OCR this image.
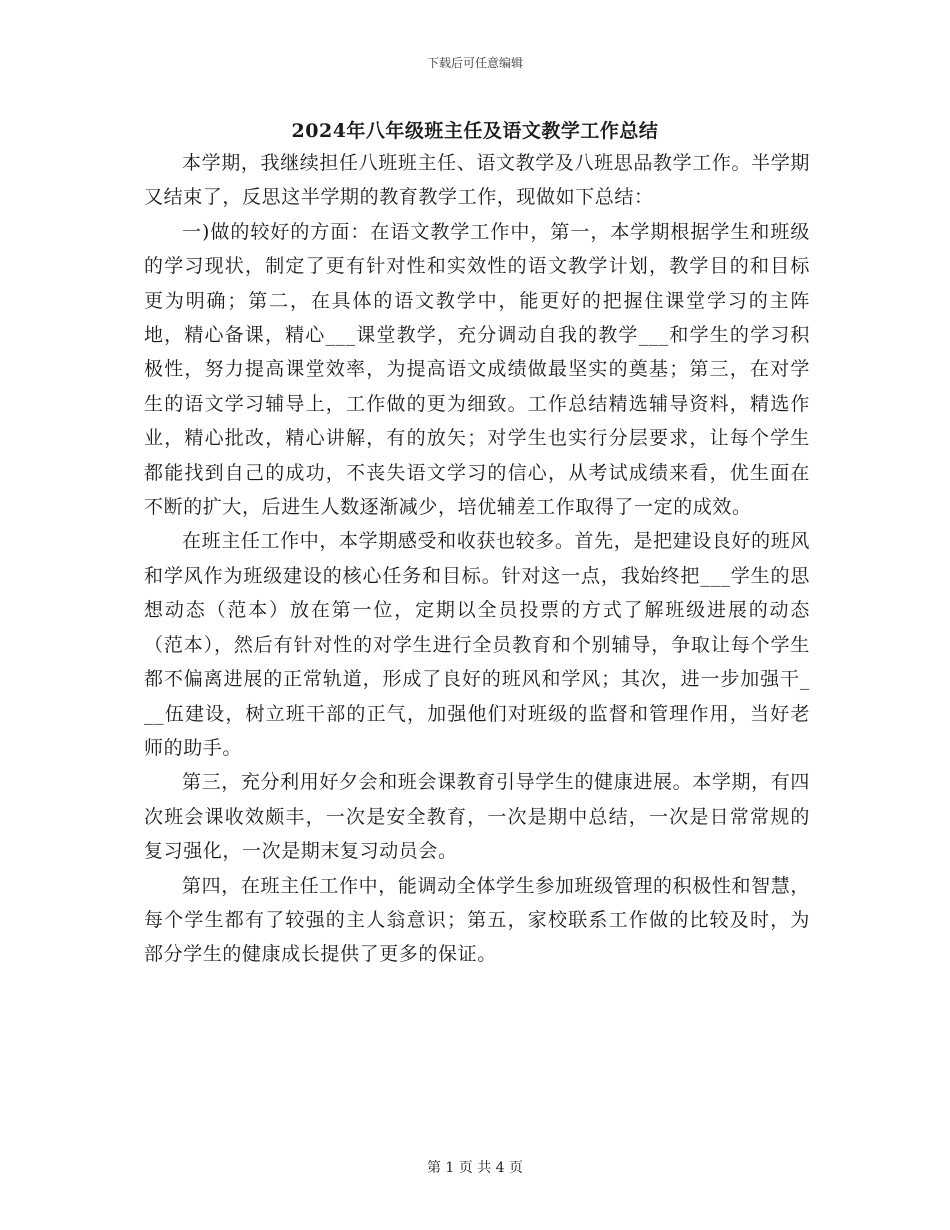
下载后可任意编辑
2024年八年级班主任及语文教学工作总结

本学期，我继续担任八班班主任、语文教学及八班思品教学工作。半学期又结束了，反思这半学期的教育教学工作，现做如下总结：

一)做的较好的方面：在语文教学工作中，第一，本学期根据学生和班级的学习现状，制定了更有针对性和实效性的语文教学计划，教学目的和目标更为明确；第二，在具体的语文教学中，能更好的把握住课堂学习的主阵地，精心备课，精心___课堂教学，充分调动自我的教学___和学生的学习积极性，努力提高课堂效率，为提高语文成绩做最坚实的奠基；第三，在对学生的语文学习辅导上，工作做的更为细致。工作总结精选辅导资料，精选作业，精心批改，精心讲解，有的放矢；对学生也实行分层要求，让每个学生都能找到自己的成功，不丧失语文学习的信心，从考试成绩来看，优生面在不断的扩大，后进生人数逐渐减少，培优辅差工作取得了一定的成效。

在班主任工作中，本学期感受和收获也较多。首先，是把建设良好的班风和学风作为班级建设的核心任务和目标。针对这一点，我始终把___学生的思想动态（范本）放在第一位，定期以全员投票的方式了解班级进展的动态（范本），然后有针对性的对学生进行全员教育和个别辅导，争取让每个学生都不偏离进展的正常轨道，形成了良好的班风和学风；其次，进一步加强干___伍建设，树立班干部的正气，加强他们对班级的监督和管理作用，当好老师的助手。

第三，充分利用好夕会和班会课教育引导学生的健康进展。本学期，有四次班会课收效颇丰，一次是安全教育，一次是期中总结，一次是日常常规的复习强化，一次是期末复习动员会。

第四，在班主任工作中，能调动全体学生参加班级管理的积极性和智慧，每个学生都有了较强的主人翁意识；第五，家校联系工作做的比较及时，为部分学生的健康成长提供了更多的保证。

第 1 页 共 4 页
